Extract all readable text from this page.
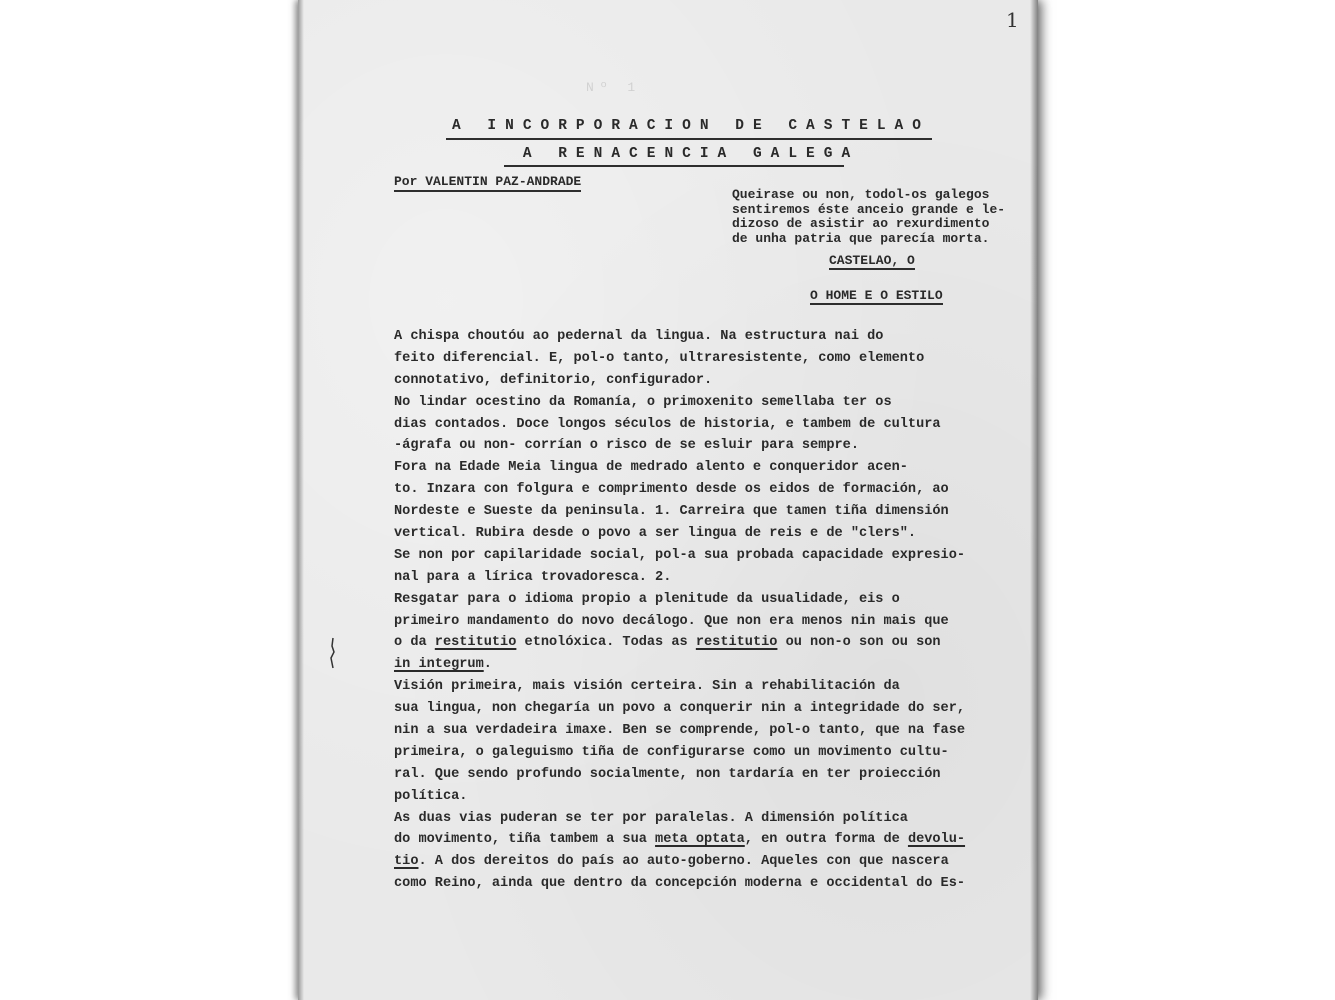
1
Nº 1
A INCORPORACION DE CASTELAO
A RENACENCIA GALEGA
Por VALENTIN PAZ-ANDRADE
Queirase ou non, todol-os galegos
sentiremos éste anceio grande e le-
dizoso de asistir ao rexurdimento
de unha patria que parecía morta.
CASTELAO, O
O HOME E O ESTILO
A chispa choutóu ao pedernal da lingua. Na estructura nai do
feito diferencial. E, pol-o tanto, ultraresistente, como elemento
connotativo, definitorio, configurador.
No lindar ocestino da Romanía, o primoxenito semellaba ter os
dias contados. Doce longos séculos de historia, e tambem de cultura
-ágrafa ou non- corrían o risco de se esluir para sempre.
Fora na Edade Meia lingua de medrado alento e conqueridor acen-
to. Inzara con folgura e comprimento desde os eidos de formación, ao
Nordeste e Sueste da peninsula. 1. Carreira que tamen tiña dimensión
vertical. Rubira desde o povo a ser lingua de reis e de "clers".
Se non por capilaridade social, pol-a sua probada capacidade expresio-
nal para a lírica trovadoresca. 2.
Resgatar para o idioma propio a plenitude da usualidade, eis o
primeiro mandamento do novo decálogo. Que non era menos nin mais que
o da restitutio etnolóxica. Todas as restitutio ou non-o son ou son
in integrum.
Visión primeira, mais visión certeira. Sin a rehabilitación da
sua lingua, non chegaría un povo a conquerir nin a integridade do ser,
nin a sua verdadeira imaxe. Ben se comprende, pol-o tanto, que na fase
primeira, o galeguismo tiña de configurarse como un movimento cultu-
ral. Que sendo profundo socialmente, non tardaría en ter proiección
política.
As duas vias puderan se ter por paralelas. A dimensión política
do movimento, tiña tambem a sua meta optata, en outra forma de devolu-
tio. A dos dereitos do país ao auto-goberno. Aqueles con que nascera
como Reino, ainda que dentro da concepción moderna e occidental do Es-
